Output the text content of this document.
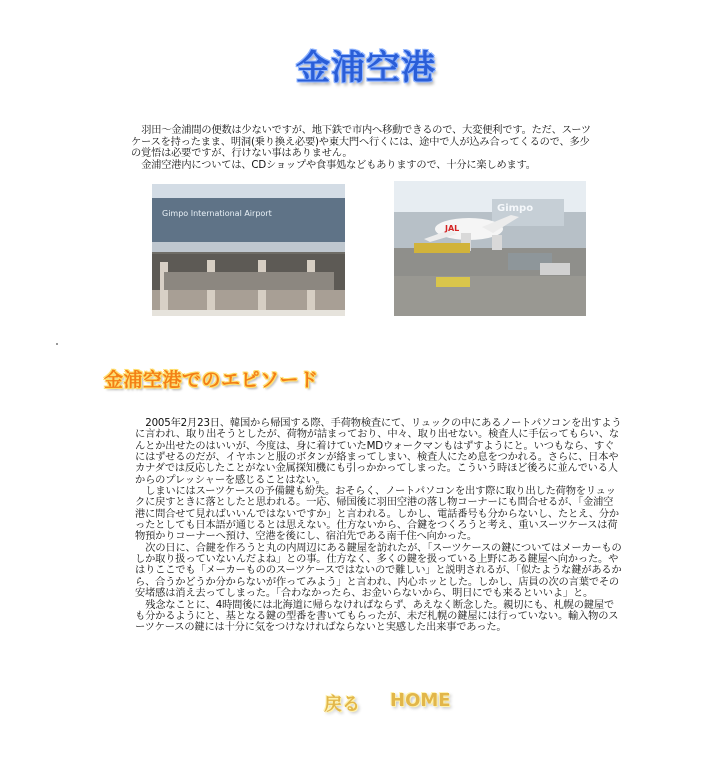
金浦空港

羽田～金浦間の便数は少ないですが、地下鉄で市内へ移動できるので、大変便利です。ただ、スーツケースを持ったまま、明洞(乗り換え必要)や東大門へ行くには、途中で人が込み合ってくるので、多少の覚悟は必要ですが、行けない事はありません。

金浦空港内については、CDショップや食事処などもありますので、十分に楽しめます。

Gimpo International Airport	Gimpo
JAL
金浦空港でのエピソード

2005年2月23日、韓国から帰国する際、手荷物検査にて、リュックの中にあるノートパソコンを出すように言われ、取り出そうとしたが、荷物が詰まっており、中々、取り出せない。検査人に手伝ってもらい、なんとか出せたのはいいが、今度は、身に着けていたMDウォークマンもはずすようにと。いつもなら、すぐにはずせるのだが、イヤホンと服のボタンが絡まってしまい、検査人にため息をつかれる。さらに、日本やカナダでは反応したことがない金属探知機にも引っかかってしまった。こういう時ほど後ろに並んでいる人からのプレッシャーを感じることはない。

しまいにはスーツケースの予備鍵も紛失。おそらく、ノートパソコンを出す際に取り出した荷物をリュックに戻すときに落としたと思われる。一応、帰国後に羽田空港の落し物コーナーにも問合せるが、「金浦空港に問合せて見ればいいんではないですか」と言われる。しかし、電話番号も分からないし、たとえ、分かったとしても日本語が通じるとは思えない。仕方ないから、合鍵をつくろうと考え、重いスーツケースは荷物預かりコーナーへ預け、空港を後にし、宿泊先である南千住へ向かった。

次の日に、合鍵を作ろうと丸の内周辺にある鍵屋を訪れたが、「スーツケースの鍵についてはメーカーものしか取り扱っていないんだよね」との事。仕方なく、多くの鍵を扱っている上野にある鍵屋へ向かった。やはりここでも「メーカーもののスーツケースではないので難しい」と説明されるが、「似たような鍵があるから、合うかどうか分からないが作ってみよう」と言われ、内心ホッとした。しかし、店員の次の言葉でその安堵感は消え去ってしまった。「合わなかったら、お金いらないから、明日にでも来るといいよ」と。

残念なことに、4時間後には北海道に帰らなければならず、あえなく断念した。親切にも、札幌の鍵屋でも分かるようにと、基となる鍵の型番を書いてもらったが、未だ札幌の鍵屋には行っていない。輸入物のスーツケースの鍵には十分に気をつけなければならないと実感した出来事であった。

戻る HOME
